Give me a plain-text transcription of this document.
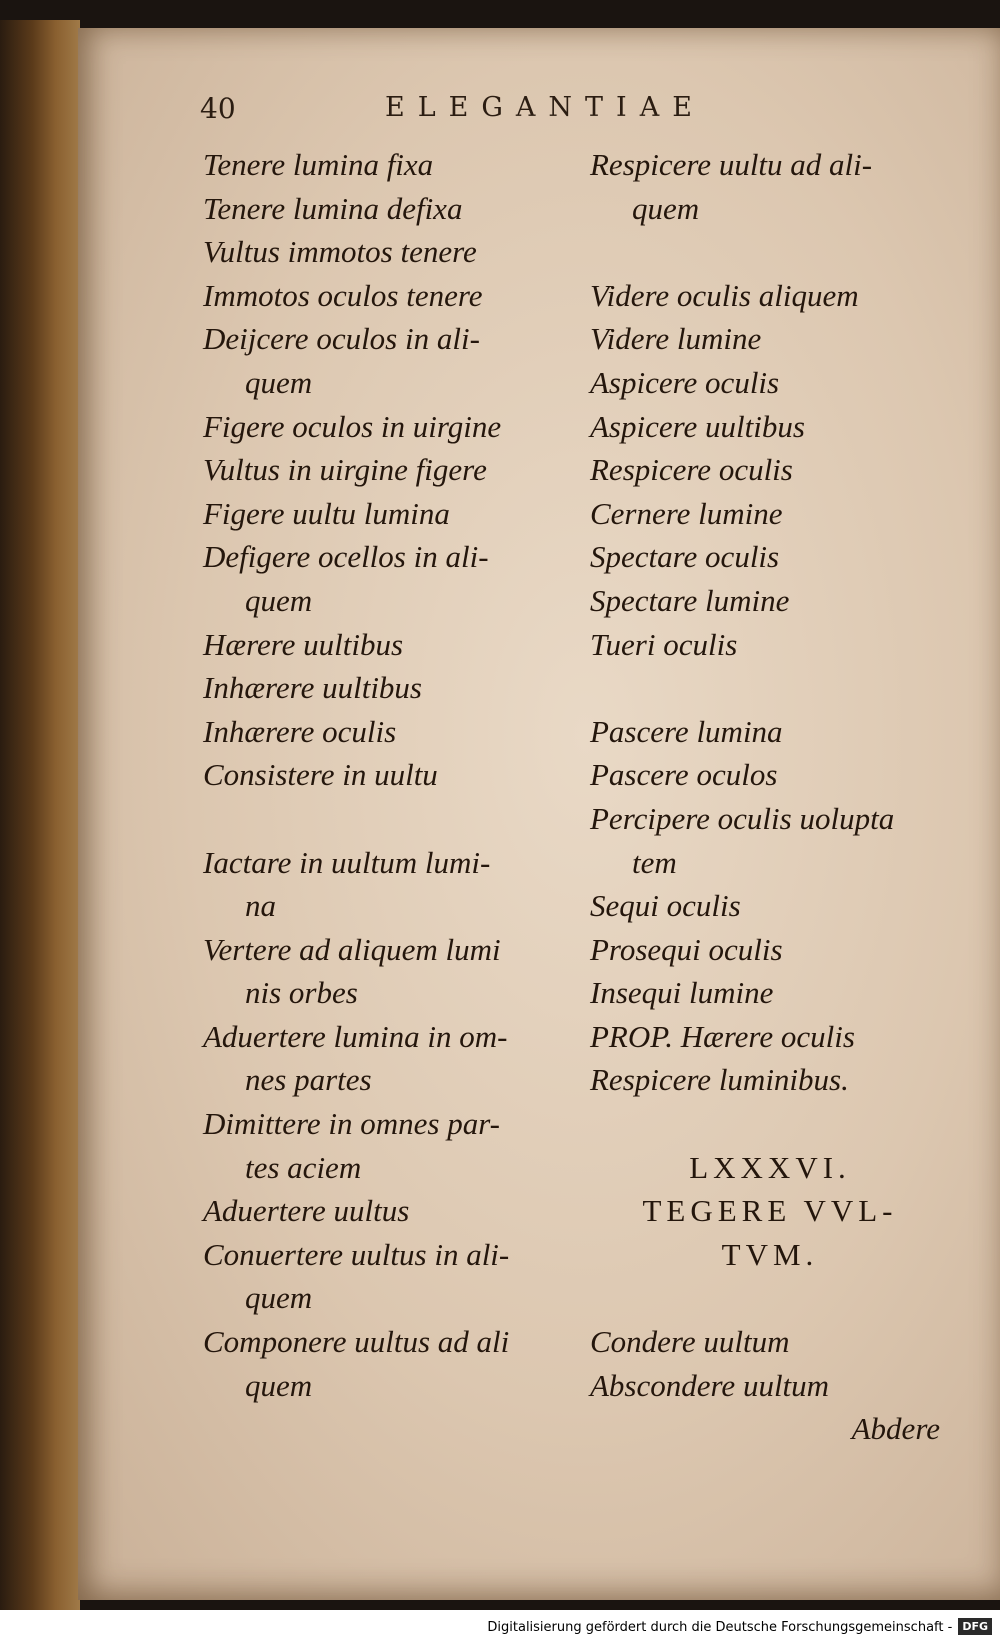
40	ELEGANTIAE
Tenere lumina fixa
Tenere lumina defixa
Vultus immotos tenere
Immotos oculos tenere
Deijcere oculos in ali-
quem
Figere oculos in uirgine
Vultus in uirgine figere
Figere uultu lumina
Defigere ocellos in ali-
quem
Hærere uultibus
Inhærere uultibus
Inhærere oculis
Consistere in uultu
Iactare in uultum lumi-
na
Vertere ad aliquem lumi
nis orbes
Aduertere lumina in om-
nes partes
Dimittere in omnes par-
tes aciem
Aduertere uultus
Conuertere uultus in ali-
quem
Componere uultus ad ali
quem
Respicere uultu ad ali-
quem
Videre oculis aliquem
Videre lumine
Aspicere oculis
Aspicere uultibus
Respicere oculis
Cernere lumine
Spectare oculis
Spectare lumine
Tueri oculis
Pascere lumina
Pascere oculos
Percipere oculis uolupta
tem
Sequi oculis
Prosequi oculis
Insequi lumine
PROP. Hærere oculis
Respicere luminibus.
LXXXVI.
TEGERE VVL-
TVM.
Condere uultum
Abscondere uultum
Abdere
Digitalisierung gefördert durch die Deutsche Forschungsgemeinschaft - DFG
